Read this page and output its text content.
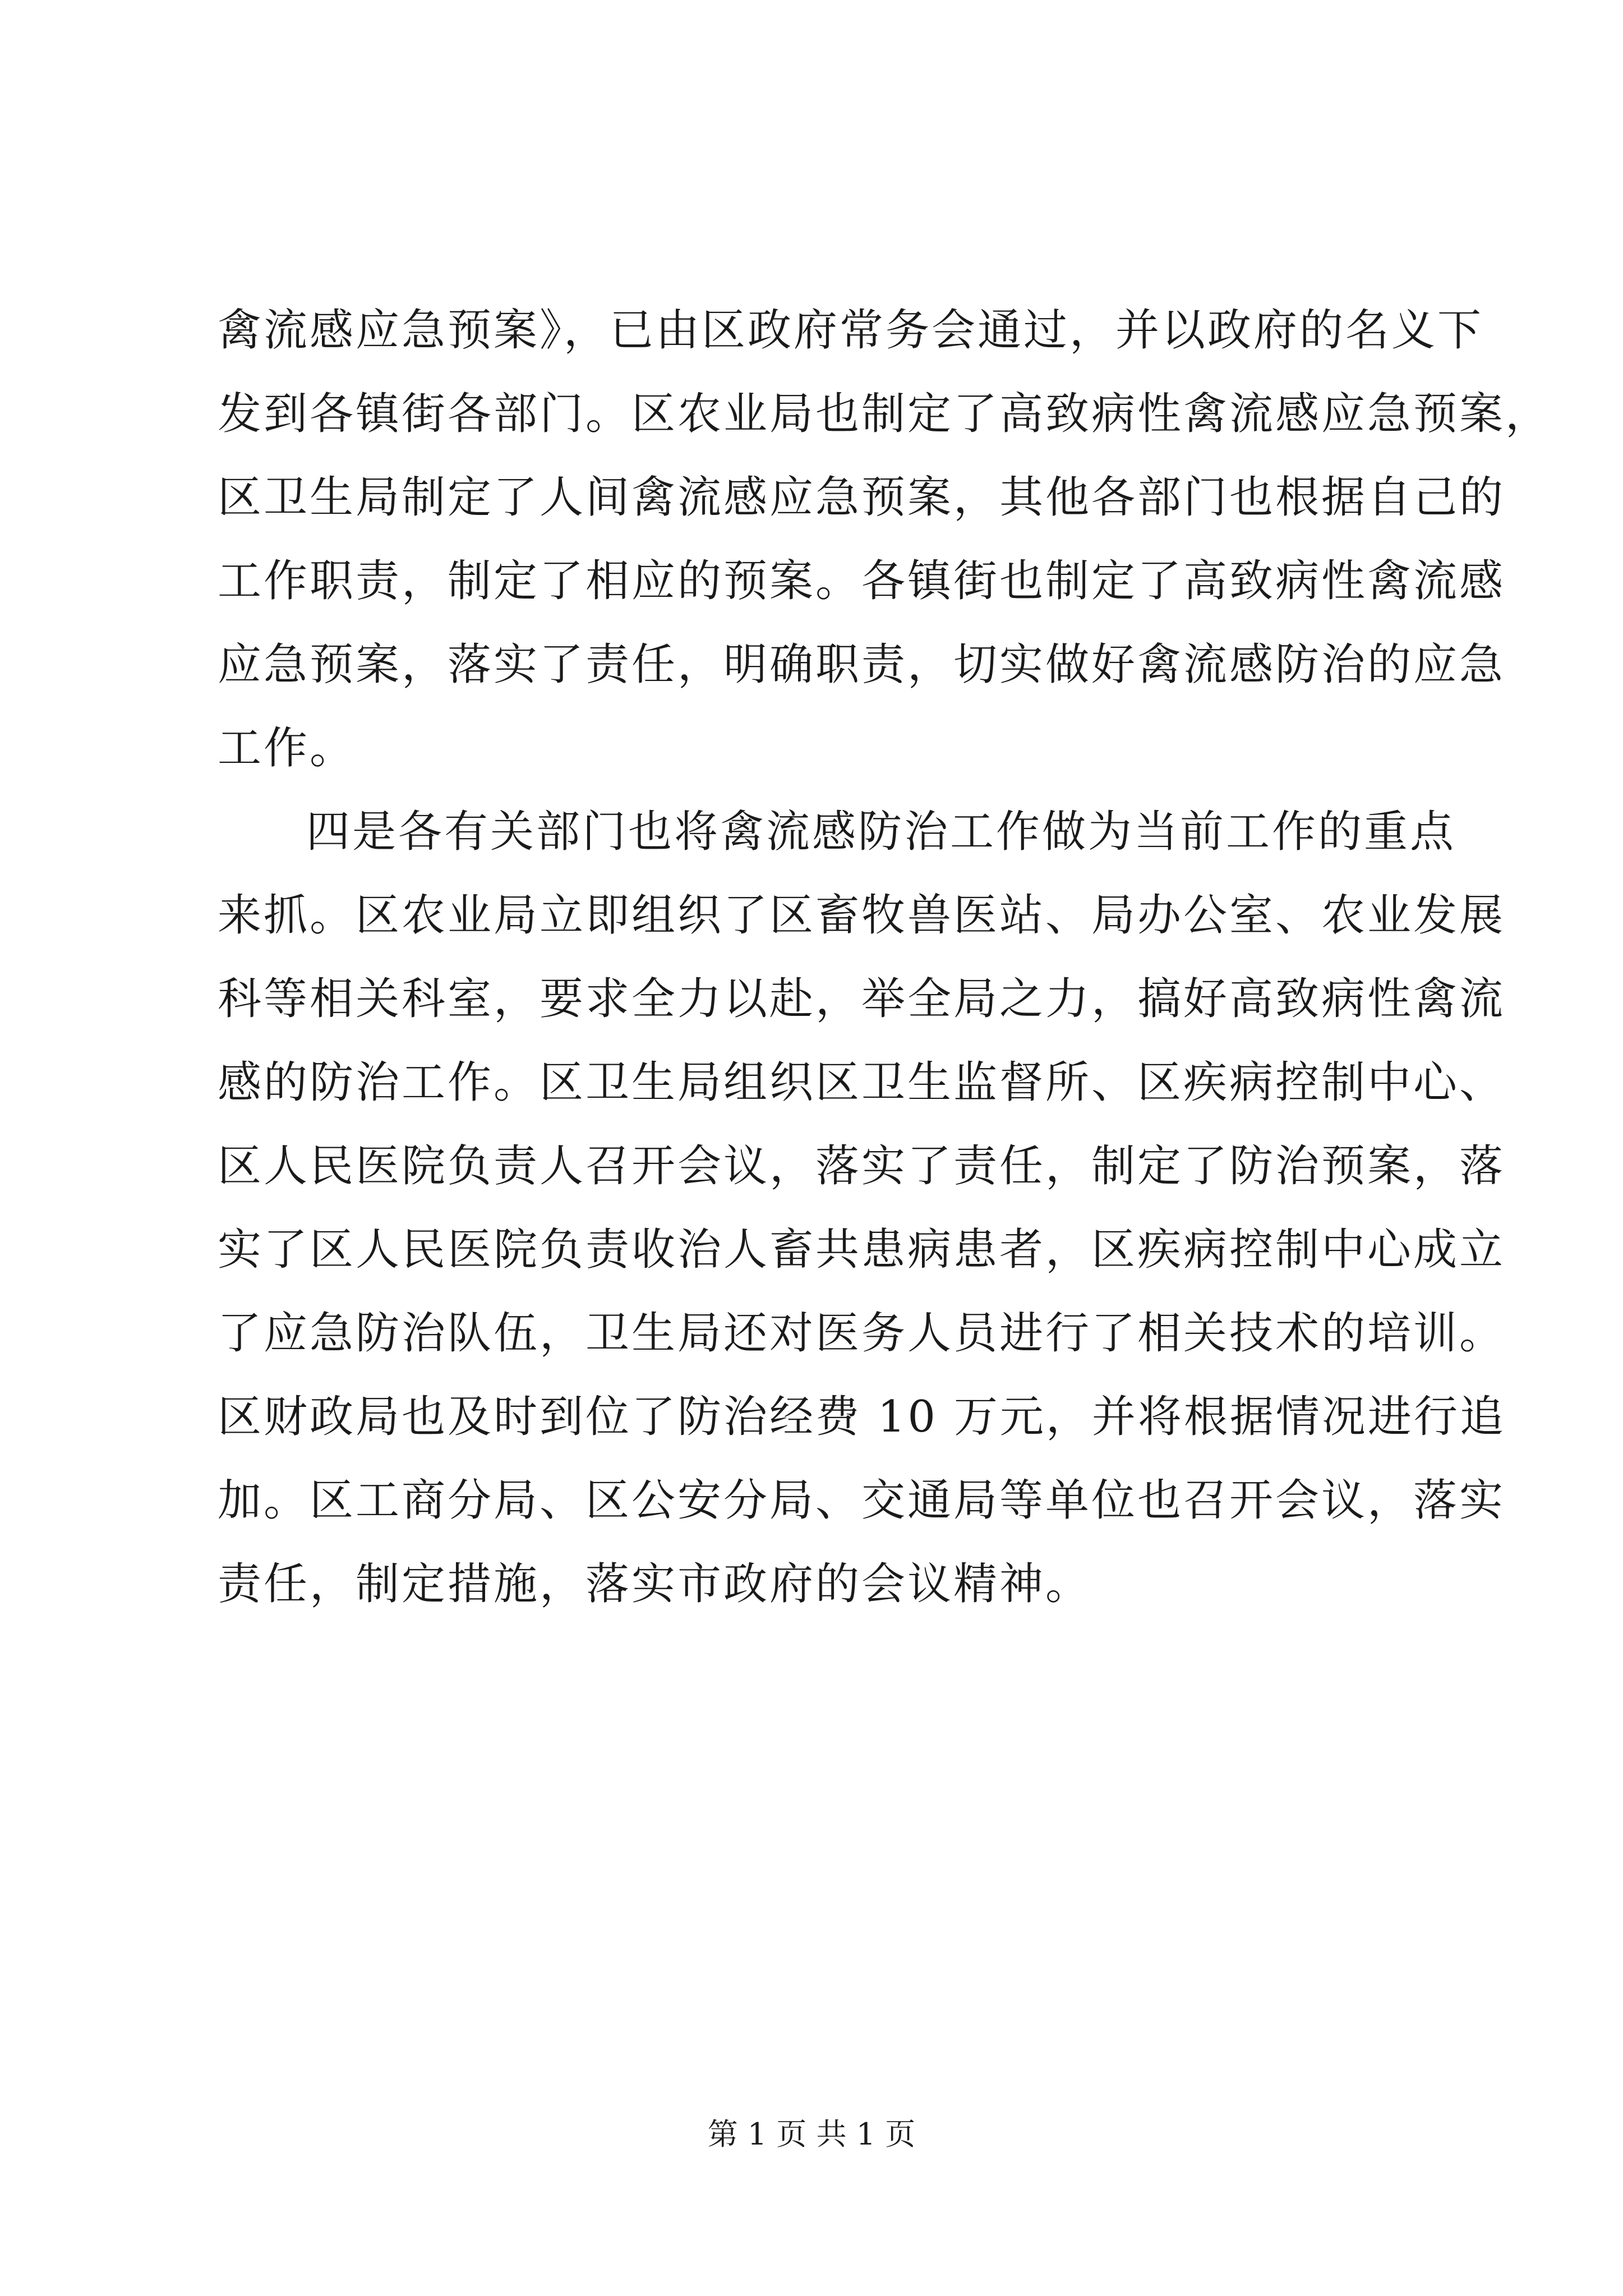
禽流感应急预案》，已由区政府常务会通过，并以政府的名义下
发到各镇街各部门。区农业局也制定了高致病性禽流感应急预案，
区卫生局制定了人间禽流感应急预案，其他各部门也根据自己的
工作职责，制定了相应的预案。各镇街也制定了高致病性禽流感
应急预案，落实了责任，明确职责，切实做好禽流感防治的应急
工作。
四是各有关部门也将禽流感防治工作做为当前工作的重点
来抓。区农业局立即组织了区畜牧兽医站、局办公室、农业发展
科等相关科室，要求全力以赴，举全局之力，搞好高致病性禽流
感的防治工作。区卫生局组织区卫生监督所、区疾病控制中心、
区人民医院负责人召开会议，落实了责任，制定了防治预案，落
实了区人民医院负责收治人畜共患病患者，区疾病控制中心成立
了应急防治队伍，卫生局还对医务人员进行了相关技术的培训。
区财政局也及时到位了防治经费 10 万元，并将根据情况进行追
加。区工商分局、区公安分局、交通局等单位也召开会议，落实
责任，制定措施，落实市政府的会议精神。
第 1 页 共 1 页
